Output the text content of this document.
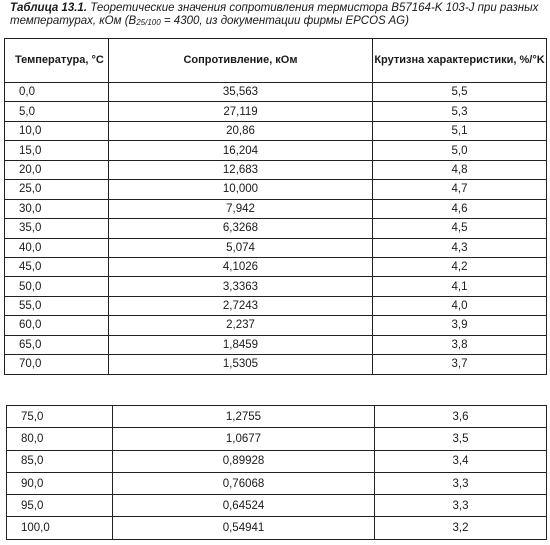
Таблица 13.1. Теоретические значения сопротивления термистора B57164-K 103-J при разных температурах, кОм ($B_{25/100} = 4300$, из документации фирмы EPCOS AG)
Температура, °С	Сопротивление, кОм	Крутизна характеристики, %/°K
0,0	35,563	5,5
5,0	27,119	5,3
10,0	20,86	5,1
15,0	16,204	5,0
20,0	12,683	4,8
25,0	10,000	4,7
30,0	7,942	4,6
35,0	6,3268	4,5
40,0	5,074	4,3
45,0	4,1026	4,2
50,0	3,3363	4,1
55,0	2,7243	4,0
60,0	2,237	3,9
65,0	1,8459	3,8
70,0	1,5305	3,7
75,0	1,2755	3,6
80,0	1,0677	3,5
85,0	0,89928	3,4
90,0	0,76068	3,3
95,0	0,64524	3,3
100,0	0,54941	3,2
